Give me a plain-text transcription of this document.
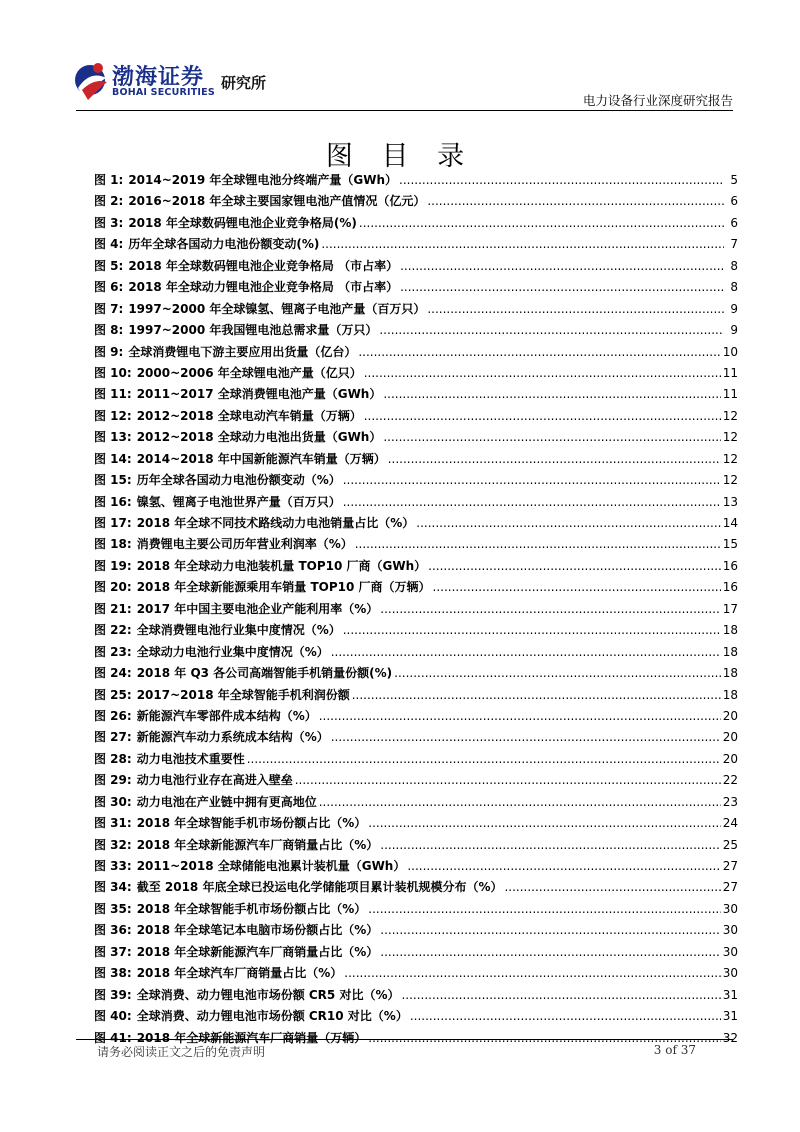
渤海证券
BOHAI SECURITIES
研究所
电力设备行业深度研究报告
图 目 录
图 1: 2014~2019 年全球锂电池分终端产量（GWh） .....	5
图 2: 2016~2018 年全球主要国家锂电池产值情况（亿元） .....	6
图 3: 2018 年全球数码锂电池企业竞争格局(%) .....	6
图 4: 历年全球各国动力电池份额变动(%) .....	7
图 5: 2018 年全球数码锂电池企业竞争格局 （市占率） .....	8
图 6: 2018 年全球动力锂电池企业竞争格局 （市占率） .....	8
图 7: 1997~2000 年全球镍氢、锂离子电池产量（百万只） .....	9
图 8: 1997~2000 年我国锂电池总需求量（万只） .....	9
图 9: 全球消费锂电下游主要应用出货量（亿台） .....	10
图 10: 2000~2006 年全球锂电池产量（亿只） .....	11
图 11: 2011~2017 全球消费锂电池产量（GWh） .....	11
图 12: 2012~2018 全球电动汽车销量（万辆） .....	12
图 13: 2012~2018 全球动力电池出货量（GWh） .....	12
图 14: 2014~2018 年中国新能源汽车销量（万辆） .....	12
图 15: 历年全球各国动力电池份额变动（%） .....	12
图 16: 镍氢、锂离子电池世界产量（百万只） .....	13
图 17: 2018 年全球不同技术路线动力电池销量占比（%） .....	14
图 18: 消费锂电主要公司历年营业利润率（%） .....	15
图 19: 2018 年全球动力电池装机量 TOP10 厂商（GWh） .....	16
图 20: 2018 年全球新能源乘用车销量 TOP10 厂商（万辆） .....	16
图 21: 2017 年中国主要电池企业产能利用率（%） .....	17
图 22: 全球消费锂电池行业集中度情况（%） .....	18
图 23: 全球动力电池行业集中度情况（%） .....	18
图 24: 2018 年 Q3 各公司高端智能手机销量份额(%) .....	18
图 25: 2017~2018 年全球智能手机利润份额 .....	18
图 26: 新能源汽车零部件成本结构（%） .....	20
图 27: 新能源汽车动力系统成本结构（%） .....	20
图 28: 动力电池技术重要性 .....	20
图 29: 动力电池行业存在高进入壁垒 .....	22
图 30: 动力电池在产业链中拥有更高地位 .....	23
图 31: 2018 年全球智能手机市场份额占比（%） .....	24
图 32: 2018 年全球新能源汽车厂商销量占比（%） .....	25
图 33: 2011~2018 全球储能电池累计装机量（GWh） .....	27
图 34: 截至 2018 年底全球已投运电化学储能项目累计装机规模分布（%） .....	27
图 35: 2018 年全球智能手机市场份额占比（%） .....	30
图 36: 2018 年全球笔记本电脑市场份额占比（%） .....	30
图 37: 2018 年全球新能源汽车厂商销量占比（%） .....	30
图 38: 2018 年全球汽车厂商销量占比（%） .....	30
图 39: 全球消费、动力锂电池市场份额 CR5 对比（%） .....	31
图 40: 全球消费、动力锂电池市场份额 CR10 对比（%） .....	31
图 41: 2018 年全球新能源汽车厂商销量（万辆） .....	32
请务必阅读正文之后的免责声明	3 of 37
